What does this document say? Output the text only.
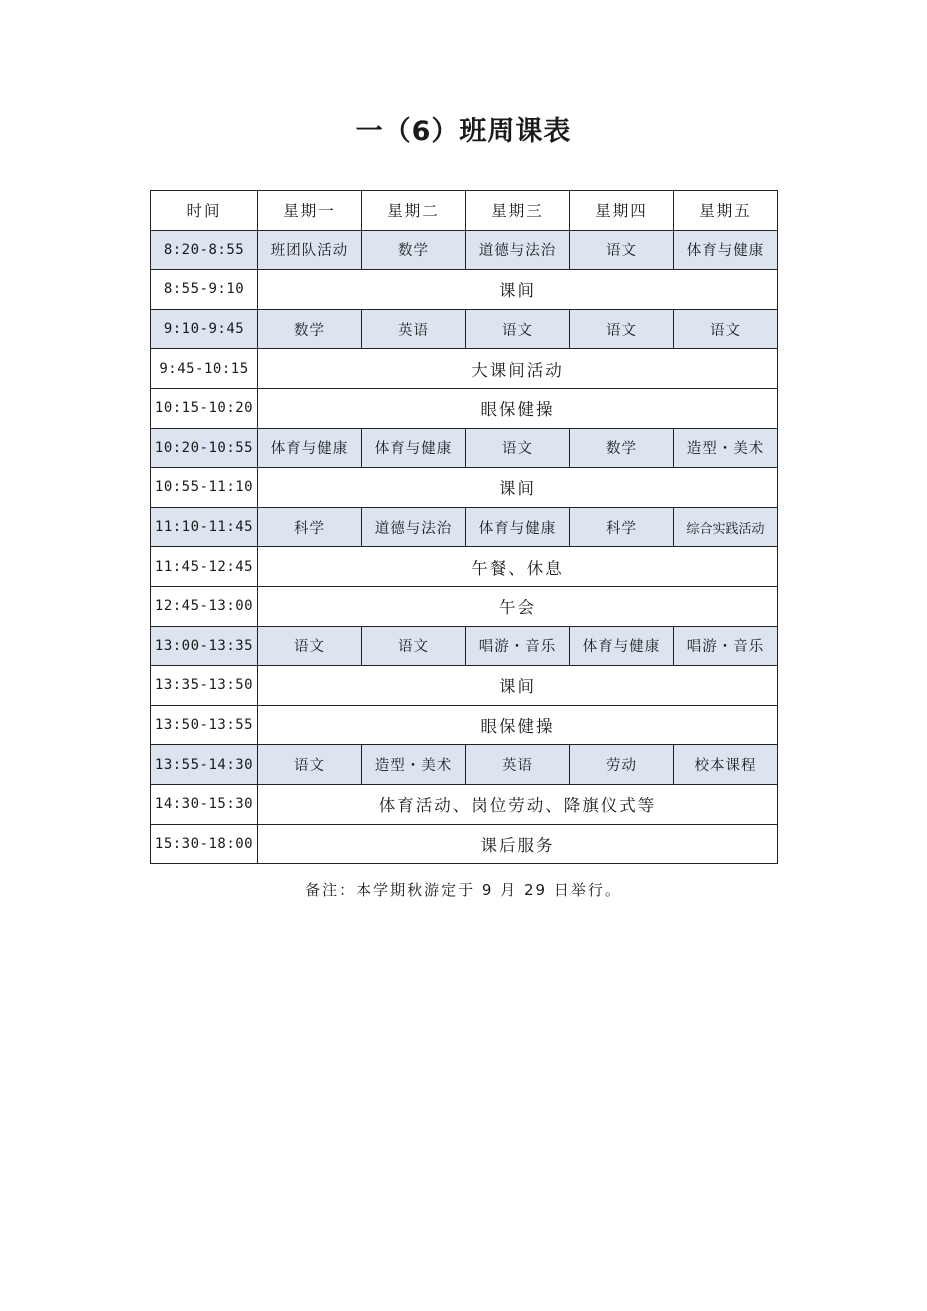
一（6）班周课表
时间	星期一	星期二	星期三	星期四	星期五
8:20-8:55	班团队活动	数学	道德与法治	语文	体育与健康
8:55-9:10	课间				
9:10-9:45	数学	英语	语文	语文	语文
9:45-10:15	大课间活动				
10:15-10:20	眼保健操				
10:20-10:55	体育与健康	体育与健康	语文	数学	造型・美术
10:55-11:10	课间				
11:10-11:45	科学	道德与法治	体育与健康	科学	综合实践活动
11:45-12:45	午餐、休息				
12:45-13:00	午会				
13:00-13:35	语文	语文	唱游・音乐	体育与健康	唱游・音乐
13:35-13:50	课间				
13:50-13:55	眼保健操				
13:55-14:30	语文	造型・美术	英语	劳动	校本课程
14:30-15:30	体育活动、岗位劳动、降旗仪式等				
15:30-18:00	课后服务				
备注：本学期秋游定于 9 月 29 日举行。
